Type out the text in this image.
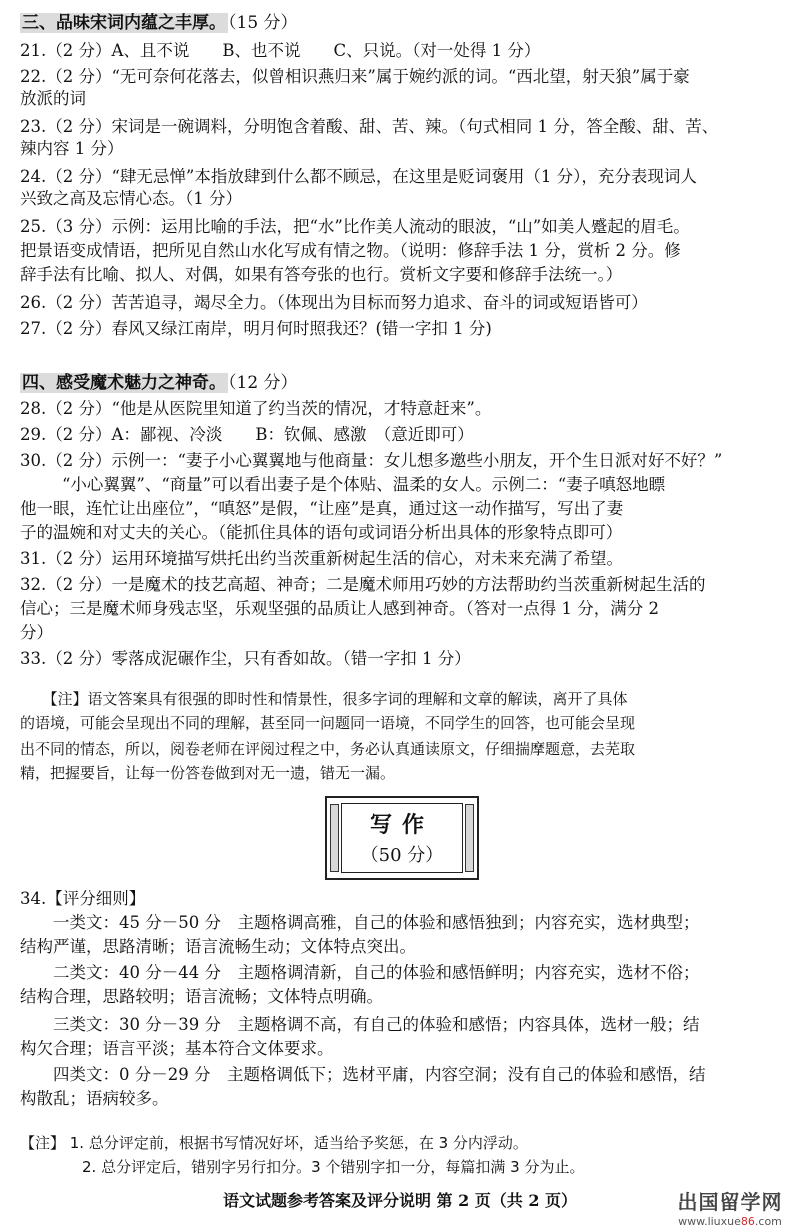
三、品味宋词内蕴之丰厚。 （15 分）
21.（2 分）A、且不说　　B、也不说　　C、只说。（对一处得 1 分）
22.（2 分）“无可奈何花落去，似曾相识燕归来”属于婉约派的词。“西北望，射天狼”属于豪
放派的词
23.（2 分）宋词是一碗调料，分明饱含着酸、甜、苦、辣。（句式相同 1 分，答全酸、甜、苦、
辣内容 1 分）
24.（2 分）“肆无忌惮”本指放肆到什么都不顾忌，在这里是贬词褒用（1 分），充分表现词人
兴致之高及忘情心态。（1 分）
25.（3 分）示例：运用比喻的手法，把“水”比作美人流动的眼波，“山”如美人蹙起的眉毛。
把景语变成情语，把所见自然山水化写成有情之物。（说明：修辞手法 1 分，赏析 2 分。修
辞手法有比喻、拟人、对偶，如果有答夸张的也行。赏析文字要和修辞手法统一。）
26.（2 分）苦苦追寻，竭尽全力。（体现出为目标而努力追求、奋斗的词或短语皆可）
27.（2 分）春风又绿江南岸，明月何时照我还？(错一字扣 1 分)
四、感受魔术魅力之神奇。 （12 分）
28.（2 分）“他是从医院里知道了约当茨的情况，才特意赶来”。
29.（2 分）A：鄙视、冷淡　　B：钦佩、感激　（意近即可）
30.（2 分）示例一：“妻子小心翼翼地与他商量：女儿想多邀些小朋友，开个生日派对好不好？”
“小心翼翼”、“商量”可以看出妻子是个体贴、温柔的女人。示例二：“妻子嗔怒地瞟
他一眼，连忙让出座位”，“嗔怒”是假，“让座”是真，通过这一动作描写，写出了妻
子的温婉和对丈夫的关心。（能抓住具体的语句或词语分析出具体的形象特点即可）
31.（2 分）运用环境描写烘托出约当茨重新树起生活的信心，对未来充满了希望。
32.（2 分）一是魔术的技艺高超、神奇；二是魔术师用巧妙的方法帮助约当茨重新树起生活的
信心；三是魔术师身残志坚，乐观坚强的品质让人感到神奇。（答对一点得 1 分，满分 2
分）
33.（2 分）零落成泥碾作尘，只有香如故。（错一字扣 1 分）
　　【注】语文答案具有很强的即时性和情景性，很多字词的理解和文章的解读，离开了具体
的语境，可能会呈现出不同的理解，甚至同一问题同一语境，不同学生的回答，也可能会呈现
出不同的情态，所以，阅卷老师在评阅过程之中，务必认真通读原文，仔细揣摩题意，去芜取
精，把握要旨，让每一份答卷做到对无一遗，错无一漏。
写作
（50 分）
34.【评分细则】
　　一类文：45 分－50 分　主题格调高雅，自己的体验和感悟独到；内容充实，选材典型；
结构严谨，思路清晰；语言流畅生动；文体特点突出。
　　二类文：40 分－44 分　主题格调清新，自己的体验和感悟鲜明；内容充实，选材不俗；
结构合理，思路较明；语言流畅；文体特点明确。
　　三类文：30 分－39 分　主题格调不高，有自己的体验和感悟；内容具体，选材一般；结
构欠合理；语言平淡；基本符合文体要求。
　　四类文：0 分－29 分　主题格调低下；选材平庸，内容空洞；没有自己的体验和感悟，结
构散乱；语病较多。
【注】 1. 总分评定前，根据书写情况好坏，适当给予奖惩，在 3 分内浮动。
2. 总分评定后，错别字另行扣分。3 个错别字扣一分，每篇扣满 3 分为止。
语文试题参考答案及评分说明 第 2 页（共 2 页）	出国留学网
www.liuxue86.com
